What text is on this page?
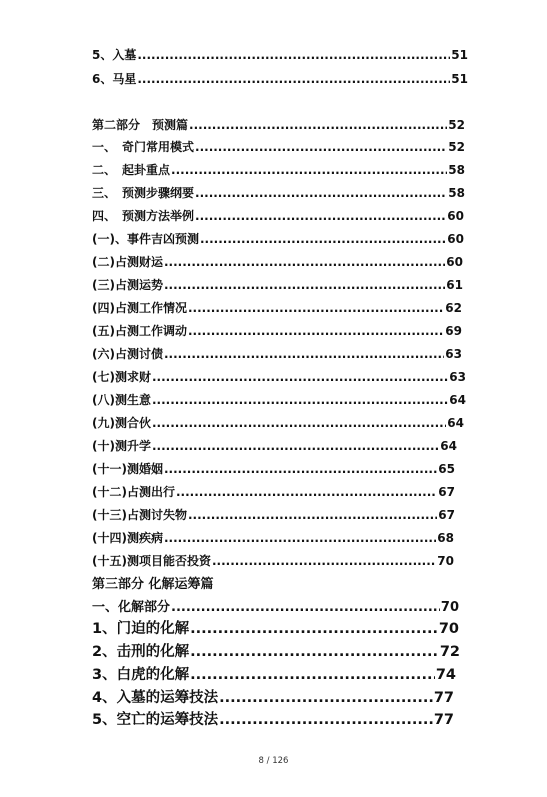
5、入墓 .....	51
6、马星 .....	51
第二部分　预测篇 .....	52
一、　奇门常用模式 .....	52
二、　起卦重点 .....	58
三、　预测步骤纲要 .....	58
四、　预测方法举例 .....	60
(一)、事件吉凶预测 .....	60
(二)占测财运 .....	60
(三)占测运势 .....	61
(四)占测工作情况 .....	62
(五)占测工作调动 .....	69
(六)占测讨债 .....	63
(七)测求财 .....	63
(八)测生意 .....	64
(九)测合伙 .....	64
(十)测升学 .....	64
(十一)测婚姻 .....	65
(十二)占测出行 .....	67
(十三)占测讨失物 .....	67
(十四)测疾病 .....	68
(十五)测项目能否投资 .....	70
第三部分 化解运筹篇
一、化解部分 .....	70
1、门迫的化解 .....	70
2、击刑的化解 .....	72
3、白虎的化解 .....	74
4、入墓的运筹技法 .....	77
5、空亡的运筹技法 .....	77
8 / 126
